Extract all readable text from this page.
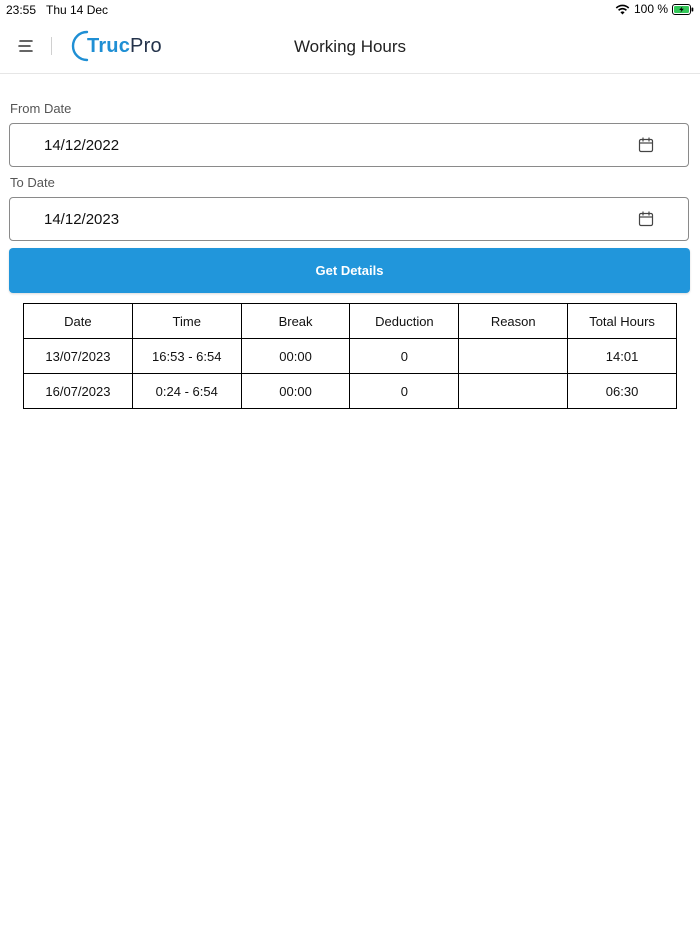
23:55 Thu 14 Dec	100 %
TrucPro	Working Hours
From Date
14/12/2022
To Date
14/12/2023
Get Details
Date	Time	Break	Deduction	Reason	Total Hours
13/07/2023	16:53 - 6:54	00:00	0		14:01
16/07/2023	0:24 - 6:54	00:00	0		06:30
